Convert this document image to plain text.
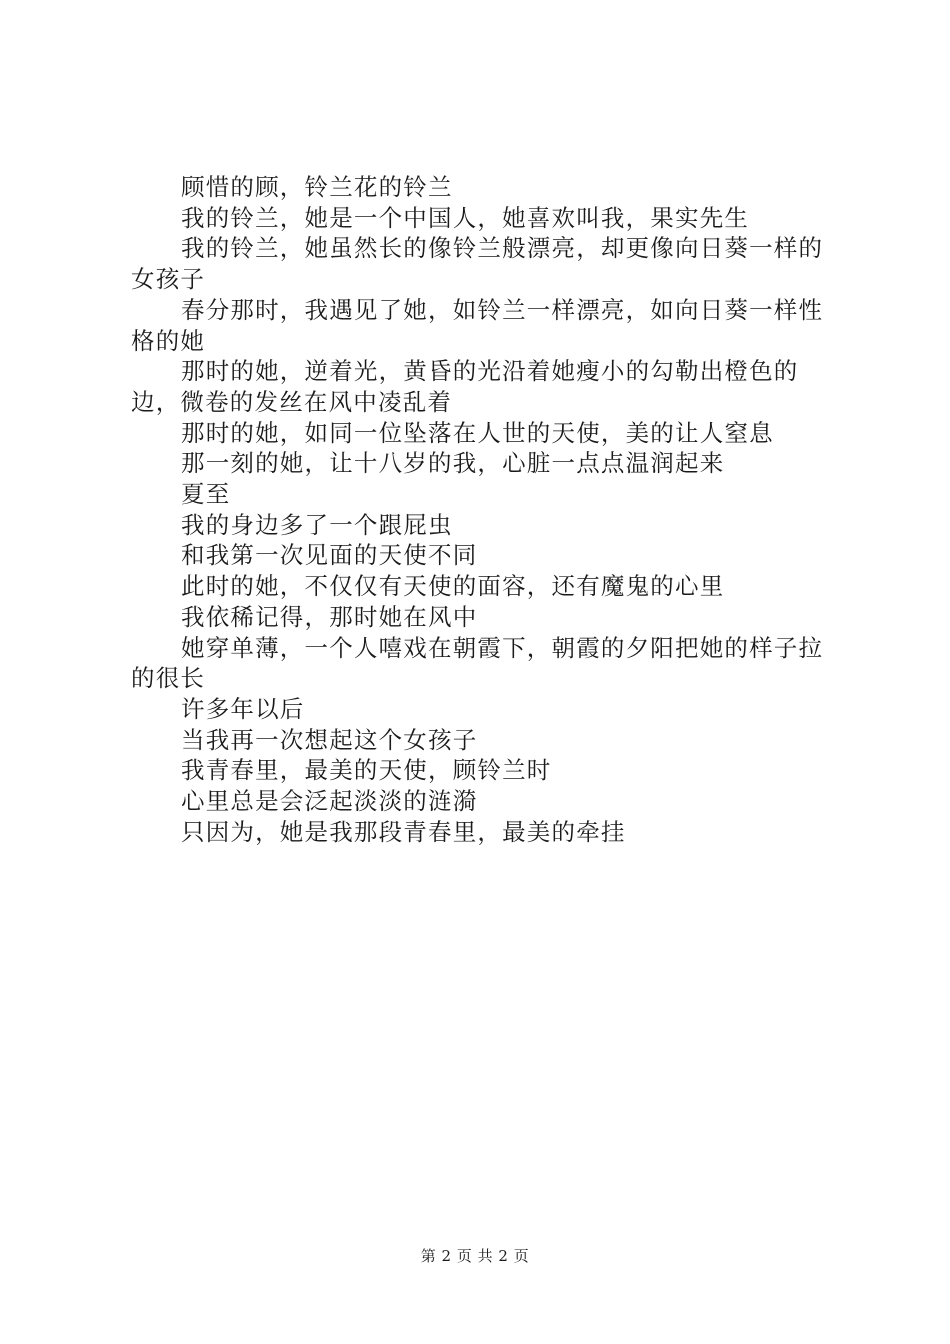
顾惜的顾，铃兰花的铃兰

我的铃兰，她是一个中国人，她喜欢叫我，果实先生

我的铃兰，她虽然长的像铃兰般漂亮，却更像向日葵一样的女孩子

春分那时，我遇见了她，如铃兰一样漂亮，如向日葵一样性格的她

那时的她，逆着光，黄昏的光沿着她瘦小的勾勒出橙色的边，微卷的发丝在风中凌乱着

那时的她，如同一位坠落在人世的天使，美的让人窒息

那一刻的她，让十八岁的我，心脏一点点温润起来

夏至

我的身边多了一个跟屁虫

和我第一次见面的天使不同

此时的她，不仅仅有天使的面容，还有魔鬼的心里

我依稀记得，那时她在风中

她穿单薄，一个人嘻戏在朝霞下，朝霞的夕阳把她的样子拉的很长

许多年以后

当我再一次想起这个女孩子

我青春里，最美的天使，顾铃兰时

心里总是会泛起淡淡的涟漪

只因为，她是我那段青春里，最美的牵挂

第 2 页 共 2 页
